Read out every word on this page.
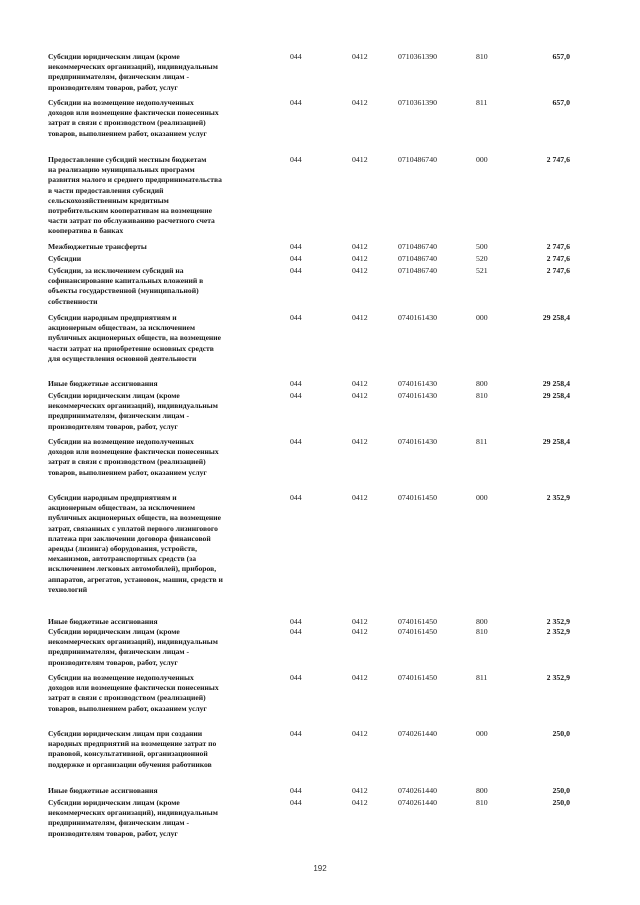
Субсидии юридическим лицам (кроме
некоммерческих организаций), индивидуальным
предпринимателям, физическим лицам -
производителям товаров, работ, услуг
044	0412	0710361390	810	657,0
Субсидии на возмещение недополученных
доходов или возмещение фактически понесенных
затрат в связи с производством (реализацией)
товаров, выполнением работ, оказанием услуг
044	0412	0710361390	811	657,0
Предоставление субсидий местным бюджетам
на реализацию муниципальных программ
развития малого и среднего предпринимательства
в части предоставления субсидий
сельскохозяйственным кредитным
потребительским кооперативам на возмещение
части затрат по обслуживанию расчетного счета
кооператива в банках
044	0412	0710486740	000	2 747,6
Межбюджетные трансферты	044	0412	0710486740	500	2 747,6
Субсидии	044	0412	0710486740	520	2 747,6
Субсидии, за исключением субсидий на
софинансирование капитальных вложений в
объекты государственной (муниципальной)
собственности
044	0412	0710486740	521	2 747,6
Субсидии народным предприятиям и
акционерным обществам, за исключением
публичных акционерных обществ, на возмещение
части затрат на приобретение основных средств
для осуществления основной деятельности
044	0412	0740161430	000	29 258,4
Иные бюджетные ассигнования	044	0412	0740161430	800	29 258,4
Субсидии юридическим лицам (кроме
некоммерческих организаций), индивидуальным
предпринимателям, физическим лицам -
производителям товаров, работ, услуг
044	0412	0740161430	810	29 258,4
Субсидии на возмещение недополученных
доходов или возмещение фактически понесенных
затрат в связи с производством (реализацией)
товаров, выполнением работ, оказанием услуг
044	0412	0740161430	811	29 258,4
Субсидии народным предприятиям и
акционерным обществам, за исключением
публичных акционерных обществ, на возмещение
затрат, связанных с уплатой первого лизингового
платежа при заключении договора финансовой
аренды (лизинга) оборудования, устройств,
механизмов, автотранспортных средств (за
исключением легковых автомобилей), приборов,
аппаратов, агрегатов, установок, машин, средств и
технологий
044	0412	0740161450	000	2 352,9
Иные бюджетные ассигнования	044	0412	0740161450	800	2 352,9
Субсидии юридическим лицам (кроме
некоммерческих организаций), индивидуальным
предпринимателям, физическим лицам -
производителям товаров, работ, услуг
044	0412	0740161450	810	2 352,9
Субсидии на возмещение недополученных
доходов или возмещение фактически понесенных
затрат в связи с производством (реализацией)
товаров, выполнением работ, оказанием услуг
044	0412	0740161450	811	2 352,9
Субсидии юридическим лицам при создании
народных предприятий на возмещение затрат по
правовой, консультативной, организационной
поддержке и организации обучения работников
044	0412	0740261440	000	250,0
Иные бюджетные ассигнования	044	0412	0740261440	800	250,0
Субсидии юридическим лицам (кроме
некоммерческих организаций), индивидуальным
предпринимателям, физическим лицам -
производителям товаров, работ, услуг
044	0412	0740261440	810	250,0
192
